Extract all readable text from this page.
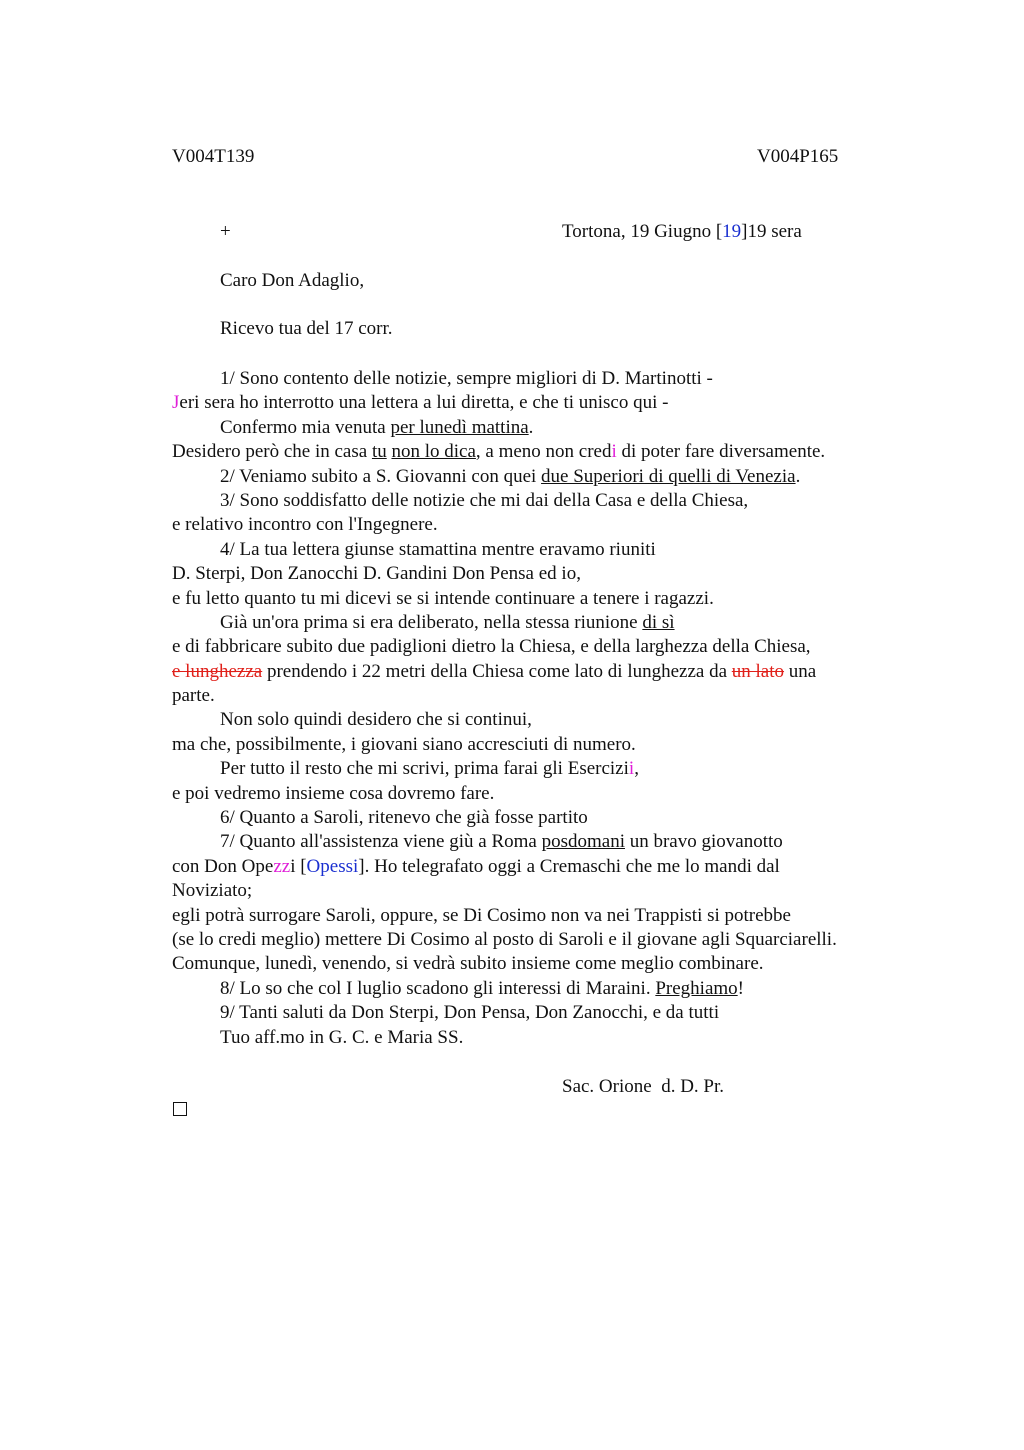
V004T139	V004P165
+	Tortona, 19 Giugno [19]19 sera
Caro Don Adaglio,
Ricevo tua del 17 corr.
1/ Sono contento delle notizie, sempre migliori di D. Martinotti -
Jeri sera ho interrotto una lettera a lui diretta, e che ti unisco qui -
Confermo mia venuta per lunedì mattina.
Desidero però che in casa tu non lo dica, a meno non credi di poter fare diversamente.
2/ Veniamo subito a S. Giovanni con quei due Superiori di quelli di Venezia.
3/ Sono soddisfatto delle notizie che mi dai della Casa e della Chiesa,
e relativo incontro con l'Ingegnere.
4/ La tua lettera giunse stamattina mentre eravamo riuniti
D. Sterpi, Don Zanocchi D. Gandini Don Pensa ed io,
e fu letto quanto tu mi dicevi se si intende continuare a tenere i ragazzi.
Già un'ora prima si era deliberato, nella stessa riunione di sì
e di fabbricare subito due padiglioni dietro la Chiesa, e della larghezza della Chiesa,
e lunghezza prendendo i 22 metri della Chiesa come lato di lunghezza da un lato una
parte.
Non solo quindi desidero che si continui,
ma che, possibilmente, i giovani siano accresciuti di numero.
Per tutto il resto che mi scrivi, prima farai gli Esercizii,
e poi vedremo insieme cosa dovremo fare.
6/ Quanto a Saroli, ritenevo che già fosse partito
7/ Quanto all'assistenza viene giù a Roma posdomani un bravo giovanotto
con Don Opezzi [Opessi]. Ho telegrafato oggi a Cremaschi che me lo mandi dal
Noviziato;
egli potrà surrogare Saroli, oppure, se Di Cosimo non va nei Trappisti si potrebbe
(se lo credi meglio) mettere Di Cosimo al posto di Saroli e il giovane agli Squarciarelli.
Comunque, lunedì, venendo, si vedrà subito insieme come meglio combinare.
8/ Lo so che col I luglio scadono gli interessi di Maraini. Preghiamo!
9/ Tanti saluti da Don Sterpi, Don Pensa, Don Zanocchi, e da tutti
Tuo aff.mo in G. C. e Maria SS.
Sac. Orione  d. D. Pr.
